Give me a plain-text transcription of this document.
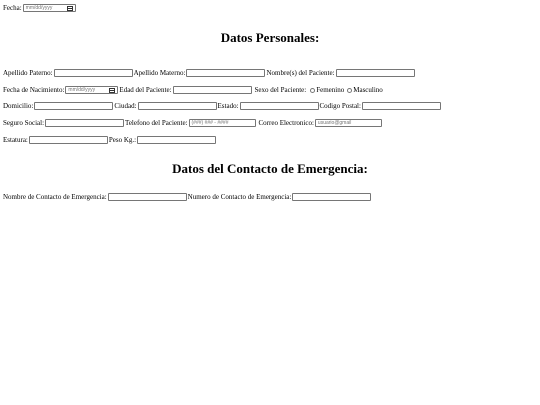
Fecha: mm/dd/yyyy
Datos Personales:
Apellido Paterno:	Apellido Materno:	Nombre(s) del Paciente:
Fecha de Nacimiento: mm/dd/yyyy	Edad del Paciente:	Sexo del Paciente: Femenino Masculino
Domicilio:	Ciudad:	Estado:	Codigo Postal:
Seguro Social:	Telefono del Paciente: (###) ### - ####	Correo Electronico: usuario@gmail
Estatura:	Peso Kg.:
Datos del Contacto de Emergencia:
Nombre de Contacto de Emergencia:	Numero de Contacto de Emergencia:
